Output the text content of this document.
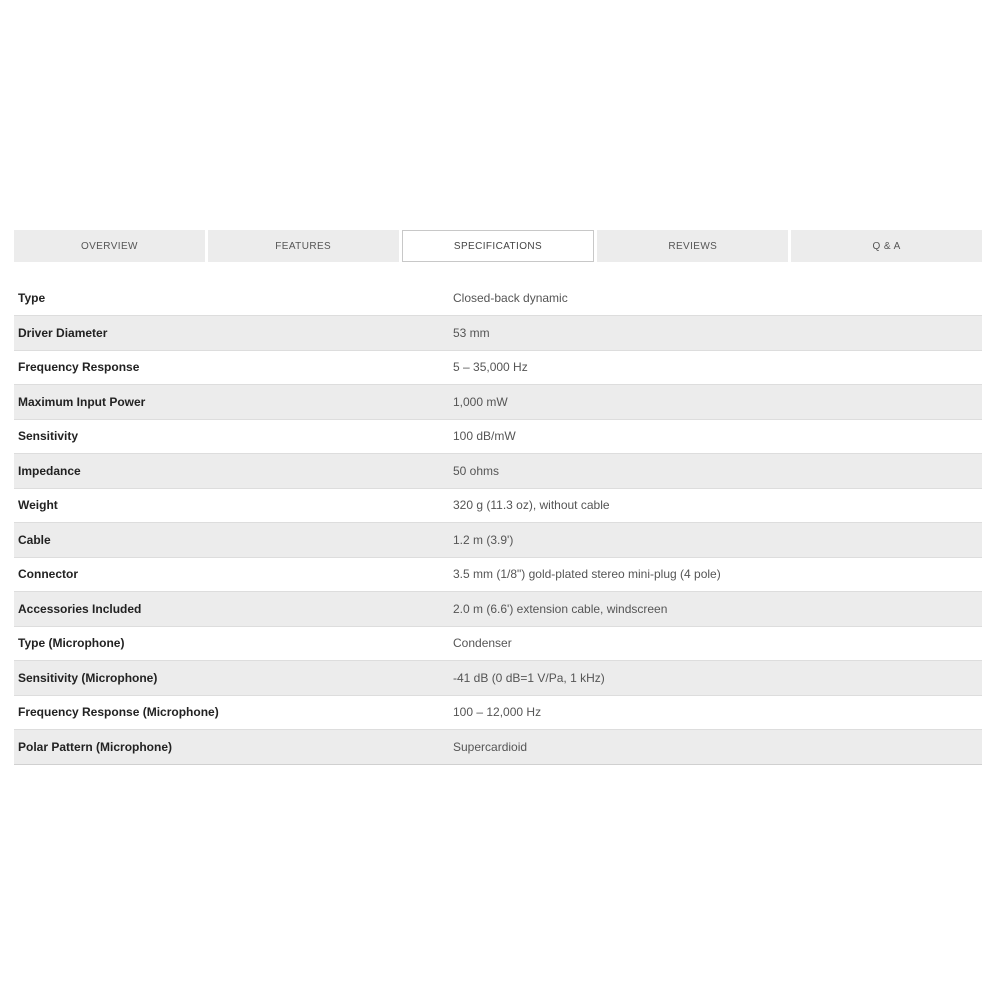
OVERVIEW	FEATURES	SPECIFICATIONS	REVIEWS	Q & A
Type	Closed-back dynamic
Driver Diameter	53 mm
Frequency Response	5 – 35,000 Hz
Maximum Input Power	1,000 mW
Sensitivity	100 dB/mW
Impedance	50 ohms
Weight	320 g (11.3 oz), without cable
Cable	1.2 m (3.9')
Connector	3.5 mm (1/8") gold-plated stereo mini-plug (4 pole)
Accessories Included	2.0 m (6.6') extension cable, windscreen
Type (Microphone)	Condenser
Sensitivity (Microphone)	-41 dB (0 dB=1 V/Pa, 1 kHz)
Frequency Response (Microphone)	100 – 12,000 Hz
Polar Pattern (Microphone)	Supercardioid
